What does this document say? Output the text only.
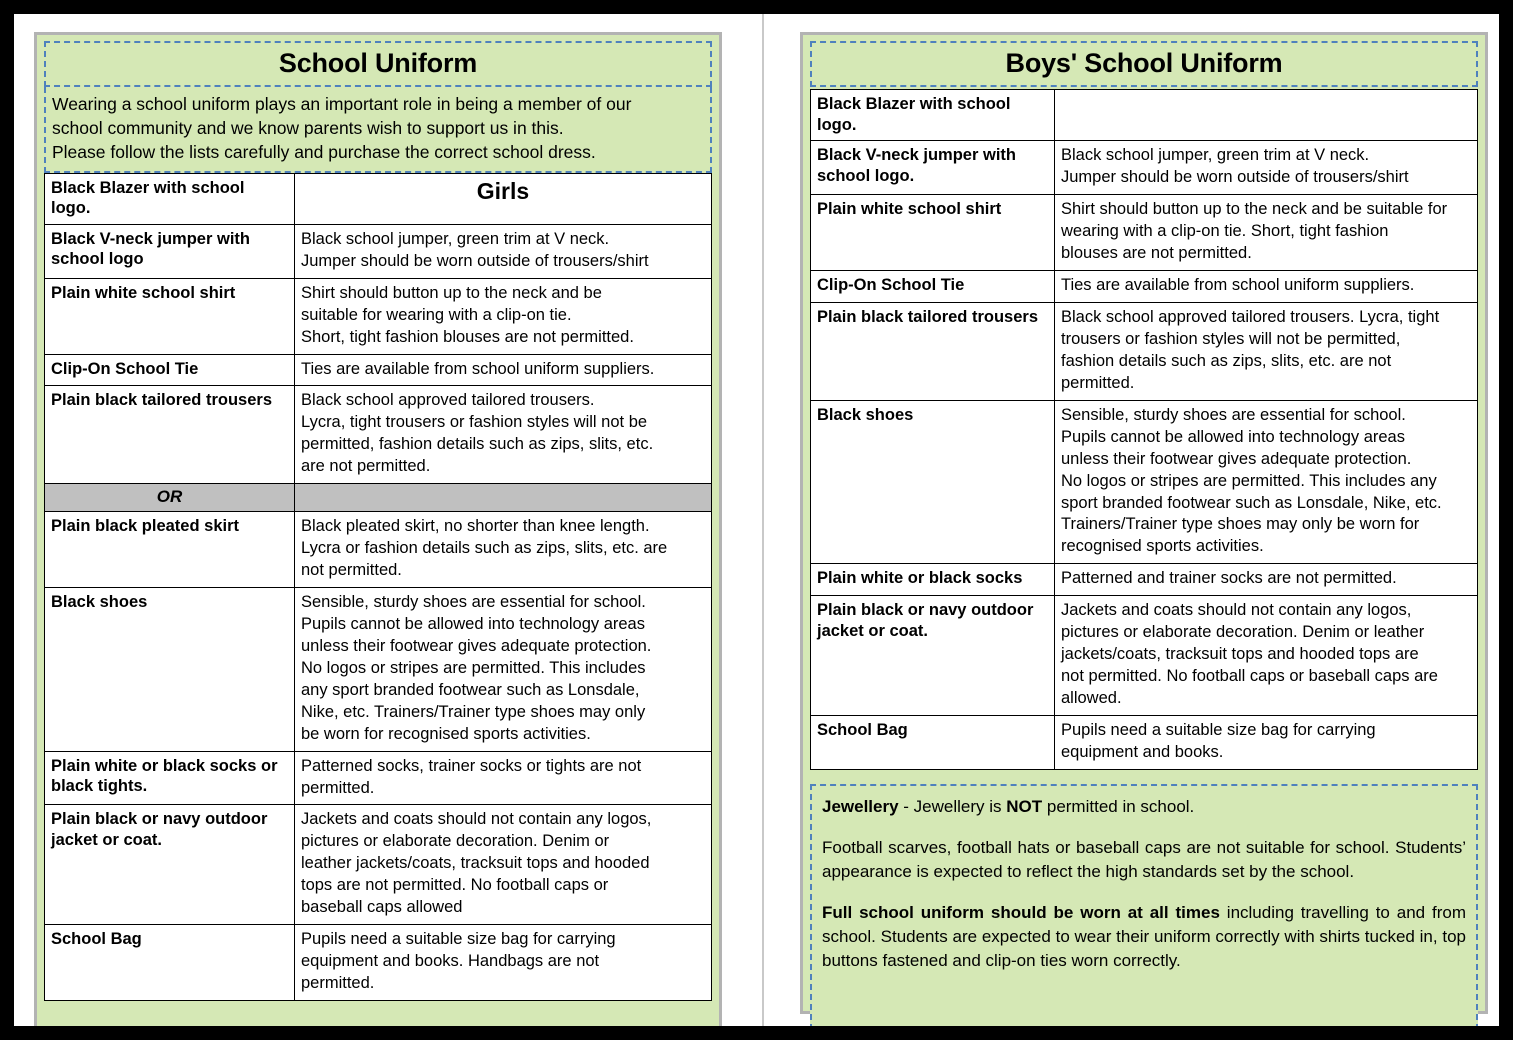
School Uniform
Wearing a school uniform plays an important role in being a member of our
school community and we know parents wish to support us in this.
Please follow the lists carefully and purchase the correct school dress.
Black Blazer with school logo.	Girls

Black V-neck jumper with school logo	Black school jumper, green trim at V neck.
Jumper should be worn outside of trousers/shirt

Plain white school shirt	Shirt should button up to the neck and be
suitable for wearing with a clip-on tie.
Short, tight fashion blouses are not permitted.

Clip-On School Tie	Ties are available from school uniform suppliers.

Plain black tailored trousers	Black school approved tailored trousers.
Lycra, tight trousers or fashion styles will not be
permitted, fashion details such as zips, slits, etc.
are not permitted.

OR	

Plain black pleated skirt	Black pleated skirt, no shorter than knee length.
Lycra or fashion details such as zips, slits, etc. are
not permitted.

Black shoes	Sensible, sturdy shoes are essential for school.
Pupils cannot be allowed into technology areas
unless their footwear gives adequate protection.
No logos or stripes are permitted. This includes
any sport branded footwear such as Lonsdale,
Nike, etc. Trainers/Trainer type shoes may only
be worn for recognised sports activities.

Plain white or black socks or black tights.	Patterned socks, trainer socks or tights are not
permitted.

Plain black or navy outdoor jacket or coat.	Jackets and coats should not contain any logos,
pictures or elaborate decoration. Denim or
leather jackets/coats, tracksuit tops and hooded
tops are not permitted. No football caps or
baseball caps allowed

School Bag	Pupils need a suitable size bag for carrying
equipment and books. Handbags are not
permitted.
Boys' School Uniform
Black Blazer with school logo.	

Black V-neck jumper with school logo.	Black school jumper, green trim at V neck.
Jumper should be worn outside of trousers/shirt

Plain white school shirt	Shirt should button up to the neck and be suitable for
wearing with a clip-on tie. Short, tight fashion
blouses are not permitted.

Clip-On School Tie	Ties are available from school uniform suppliers.

Plain black tailored trousers	Black school approved tailored trousers. Lycra, tight
trousers or fashion styles will not be permitted,
fashion details such as zips, slits, etc. are not
permitted.

Black shoes	Sensible, sturdy shoes are essential for school.
Pupils cannot be allowed into technology areas
unless their footwear gives adequate protection.
No logos or stripes are permitted. This includes any
sport branded footwear such as Lonsdale, Nike, etc.
Trainers/Trainer type shoes may only be worn for
recognised sports activities.

Plain white or black socks	Patterned and trainer socks are not permitted.

Plain black or navy outdoor jacket or coat.	Jackets and coats should not contain any logos,
pictures or elaborate decoration. Denim or leather
jackets/coats, tracksuit tops and hooded tops are
not permitted. No football caps or baseball caps are
allowed.

School Bag	Pupils need a suitable size bag for carrying
equipment and books.

Jewellery - Jewellery is NOT permitted in school.

Football scarves, football hats or baseball caps are not suitable for school. Students’ appearance is expected to reflect the high standards set by the school.

Full school uniform should be worn at all times including travelling to and from school. Students are expected to wear their uniform correctly with shirts tucked in, top buttons fastened and clip-on ties worn correctly.
